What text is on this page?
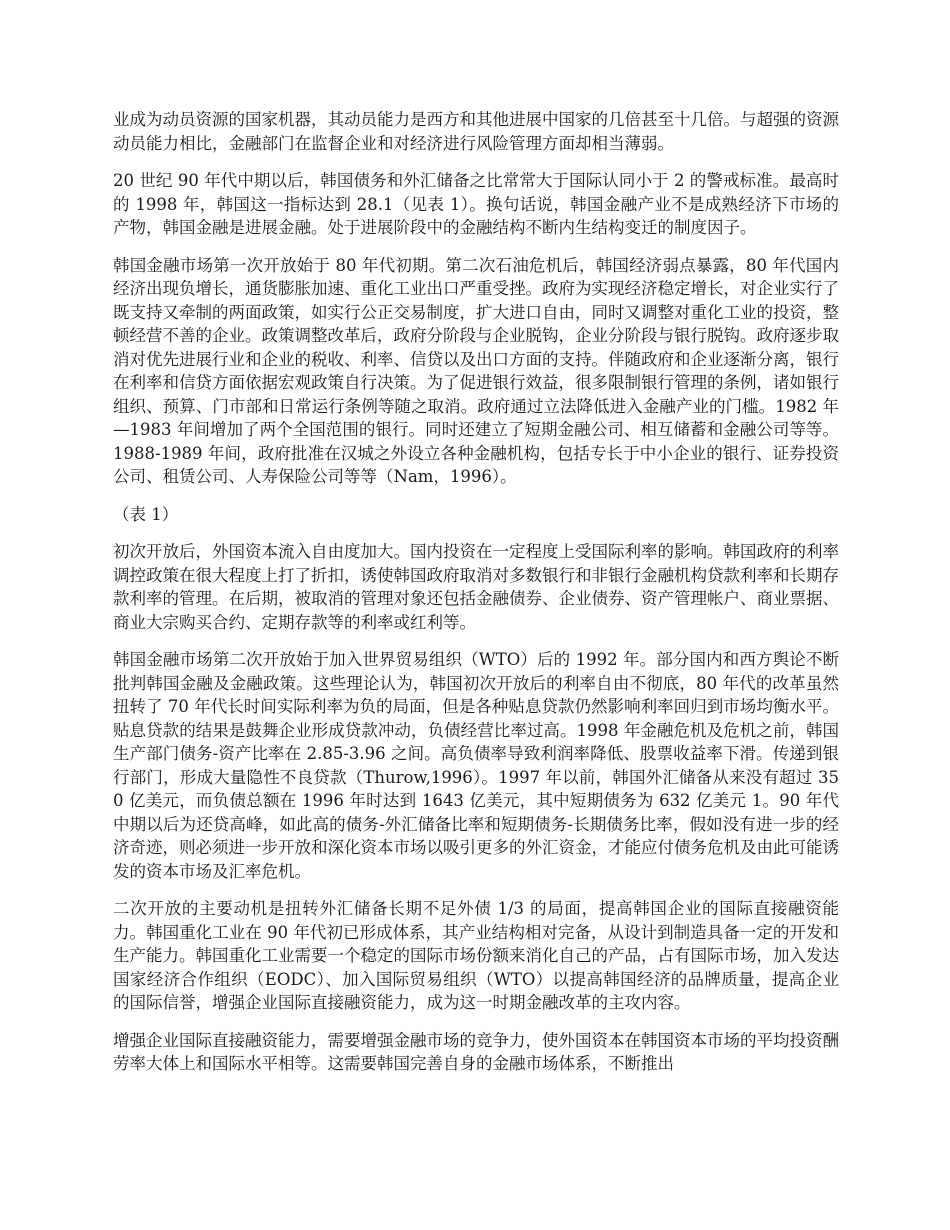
业成为动员资源的国家机器，其动员能力是西方和其他进展中国家的几倍甚至十几倍。与超强的资源动员能力相比，金融部门在监督企业和对经济进行风险管理方面却相当薄弱。

20 世纪 90 年代中期以后，韩国债务和外汇储备之比常常大于国际认同小于 2 的警戒标准。最高时的 1998 年，韩国这一指标达到 28.1（见表 1）。换句话说，韩国金融产业不是成熟经济下市场的产物，韩国金融是进展金融。处于进展阶段中的金融结构不断内生结构变迁的制度因子。

韩国金融市场第一次开放始于 80 年代初期。第二次石油危机后，韩国经济弱点暴露，80 年代国内经济出现负增长，通货膨胀加速、重化工业出口严重受挫。政府为实现经济稳定增长，对企业实行了既支持又牵制的两面政策，如实行公正交易制度，扩大进口自由，同时又调整对重化工业的投资，整顿经营不善的企业。政策调整改革后，政府分阶段与企业脱钩，企业分阶段与银行脱钩。政府逐步取消对优先进展行业和企业的税收、利率、信贷以及出口方面的支持。伴随政府和企业逐渐分离，银行在利率和信贷方面依据宏观政策自行决策。为了促进银行效益，很多限制银行管理的条例，诸如银行组织、预算、门市部和日常运行条例等随之取消。政府通过立法降低进入金融产业的门槛。1982 年—1983 年间增加了两个全国范围的银行。同时还建立了短期金融公司、相互储蓄和金融公司等等。1988-1989 年间，政府批准在汉城之外设立各种金融机构，包括专长于中小企业的银行、证券投资公司、租赁公司、人寿保险公司等等（Nam，1996）。

（表 1）

初次开放后，外国资本流入自由度加大。国内投资在一定程度上受国际利率的影响。韩国政府的利率调控政策在很大程度上打了折扣，诱使韩国政府取消对多数银行和非银行金融机构贷款利率和长期存款利率的管理。在后期，被取消的管理对象还包括金融债券、企业债券、资产管理帐户、商业票据、商业大宗购买合约、定期存款等的利率或红利等。

韩国金融市场第二次开放始于加入世界贸易组织（WTO）后的 1992 年。部分国内和西方舆论不断批判韩国金融及金融政策。这些理论认为，韩国初次开放后的利率自由不彻底，80 年代的改革虽然扭转了 70 年代长时间实际利率为负的局面，但是各种贴息贷款仍然影响利率回归到市场均衡水平。贴息贷款的结果是鼓舞企业形成贷款冲动，负债经营比率过高。1998 年金融危机及危机之前，韩国生产部门债务-资产比率在 2.85-3.96 之间。高负债率导致利润率降低、股票收益率下滑。传递到银行部门，形成大量隐性不良贷款（Thurow,1996）。1997 年以前，韩国外汇储备从来没有超过 350 亿美元，而负债总额在 1996 年时达到 1643 亿美元，其中短期债务为 632 亿美元 1。90 年代中期以后为还贷高峰，如此高的债务-外汇储备比率和短期债务-长期债务比率，假如没有进一步的经济奇迹，则必须进一步开放和深化资本市场以吸引更多的外汇资金，才能应付债务危机及由此可能诱发的资本市场及汇率危机。

二次开放的主要动机是扭转外汇储备长期不足外债 1/3 的局面，提高韩国企业的国际直接融资能力。韩国重化工业在 90 年代初已形成体系，其产业结构相对完备，从设计到制造具备一定的开发和生产能力。韩国重化工业需要一个稳定的国际市场份额来消化自己的产品，占有国际市场，加入发达国家经济合作组织（EODC）、加入国际贸易组织（WTO）以提高韩国经济的品牌质量，提高企业的国际信誉，增强企业国际直接融资能力，成为这一时期金融改革的主攻内容。

增强企业国际直接融资能力，需要增强金融市场的竞争力，使外国资本在韩国资本市场的平均投资酬劳率大体上和国际水平相等。这需要韩国完善自身的金融市场体系，不断推出
